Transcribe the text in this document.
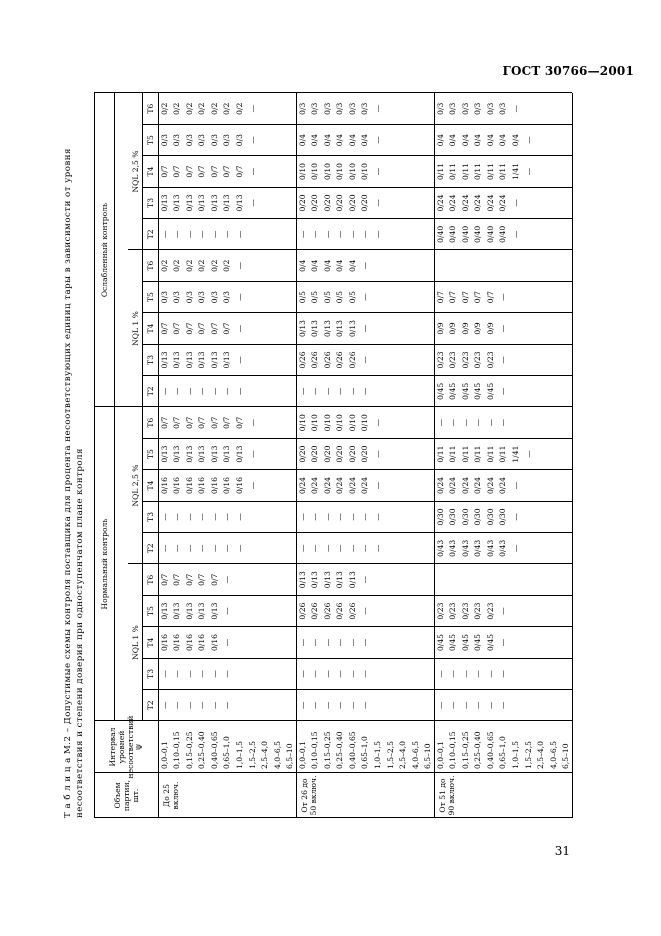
ГОСТ 30766—2001
31
Т а б л и ц а М.2 – Допустимые схемы контроля поставщика для процента несоответствующих единиц тары в зависимости от уровня несоответствия и степени доверия при одноступенчатом плане контроля	Объем партии, шт.
Интервал уровней несоответствий Ψ
Нормальный контроль
Ослабленный контроль
NQL 1 %
NQL 2,5 %
NQL 1 %
NQL 2,5 %
Т2
Т3
Т4
Т5
Т6
Т2
Т3
Т4
Т5
Т6
Т2
Т3
Т4
Т5
Т6
Т2
Т3
Т4
Т5
Т6
До 25 включ.
0,0–0,1
—
—
0/16
0/13
0/7
—
—
0/16
0/13
0/7
—
0/13
0/7
0/3
0/2
—
0/13
0/7
0/3
0/2
0,10–0,15
—
—
0/16
0/13
0/7
—
—
0/16
0/13
0/7
—
0/13
0/7
0/3
0/2
—
0/13
0/7
0/3
0/2
0,15–0,25
—
—
0/16
0/13
0/7
—
—
0/16
0/13
0/7
—
0/13
0/7
0/3
0/2
—
0/13
0/7
0/3
0/2
0,25–0,40
—
—
0/16
0/13
0/7
—
—
0/16
0/13
0/7
—
0/13
0/7
0/3
0/2
—
0/13
0/7
0/3
0/2
0,40–0,65
—
—
0/16
0/13
0/7
—
—
0/16
0/13
0/7
—
0/13
0/7
0/3
0/2
—
0/13
0/7
0/3
0/2
0,65–1,0
—
—
—
—
—
—
—
0/16
0/13
0/7
—
0/13
0/7
0/3
0/2
—
0/13
0/7
0/3
0/2
1,0–1,5
—
—
0/16
0/13
0/7
—
—
—
—
—
—
0/13
0/7
0/3
0/2
1,5–2,5
—
—
—
—
—
—
—
2,5–4,0 4,0–6,5 6,5–10
От 26 до 50 включ.
0,0–0,1
—
—
—
0/26
0/13
—
—
0/24
0/20
0/10
—
0/26
0/13
0/5
0/4
—
0/20
0/10
0/4
0/3
0,10–0,15
—
—
—
0/26
0/13
—
—
0/24
0/20
0/10
—
0/26
0/13
0/5
0/4
—
0/20
0/10
0/4
0/3
0,15–0,25
—
—
—
0/26
0/13
—
—
0/24
0/20
0/10
—
0/26
0/13
0/5
0/4
—
0/20
0/10
0/4
0/3
0,25–0,40
—
—
—
0/26
0/13
—
—
0/24
0/20
0/10
—
0/26
0/13
0/5
0/4
—
0/20
0/10
0/4
0/3
0,40–0,65
—
—
—
0/26
0/13
—
—
0/24
0/20
0/10
—
0/26
0/13
0/5
0/4
—
0/20
0/10
0/4
0/3
0,65–1,0
—
—
—
—
—
—
—
0/24
0/20
0/10
—
—
—
—
—
—
0/20
0/10
0/4
0/3
1,0–1,5
—
—
—
—
—
—
—
—
—
—
1,5–2,5 2,5–4,0 4,0–6,5 6,5–10
От 51 до 90 включ.
0,0–0,1
—
—
0/45
0/23
0/43
0/30
0/24
0/11
—
0/45
0/23
0/9
0/7
0/40
0/24
0/11
0/4
0/3
0,10–0,15
—
—
0/45
0/23
0/43
0/30
0/24
0/11
—
0/45
0/23
0/9
0/7
0/40
0/24
0/11
0/4
0/3
0,15–0,25
—
—
0/45
0/23
0/43
0/30
0/24
0/11
—
0/45
0/23
0/9
0/7
0/40
0/24
0/11
0/4
0/3
0,25–0,40
—
—
0/45
0/23
0/43
0/30
0/24
0/11
—
0/45
0/23
0/9
0/7
0/40
0/24
0/11
0/4
0/3
0,40–0,65
—
—
0/45
0/23
0/43
0/30
0/24
0/11
—
0/45
0/23
0/9
0/7
0/40
0/24
0/11
0/4
0/3
0,65–1,0
—
—
—
—
0/43
0/30
0/24
0/11
—
—
—
—
—
0/40
0/24
0/11
0/4
0/3
1,0–1,5
—
—
—
1/41
—
—
1/41
0/4
—
1,5–2,5
—
—
—
2,5–4,0 4,0–6,5 6,5–10
